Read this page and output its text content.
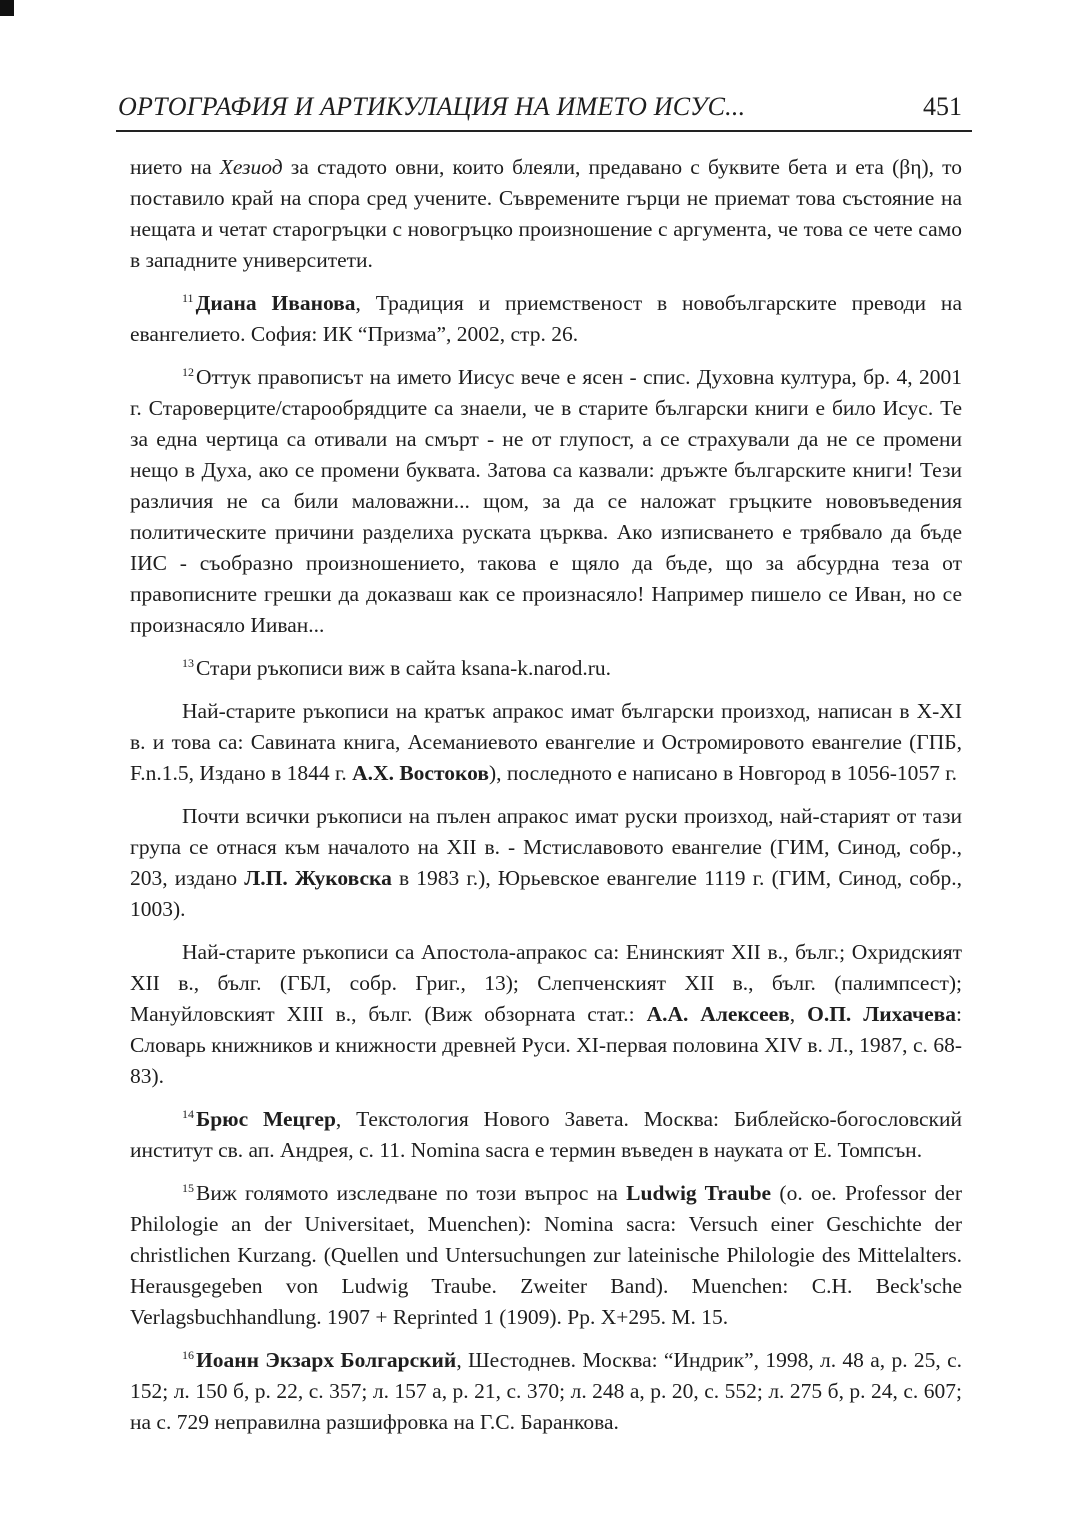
ОРТОГРАФИЯ И АРТИКУЛАЦИЯ НА ИМЕТО ИСУС...	451

нието на Хезиод за стадото овни, които блеяли, предавано с буквите бета и ета (βη), то поставило край на спора сред учените. Съвремените гърци не приемат това състояние на нещата и четат старогръцки с новогръцко произношение с аргумента, че това се чете само в западните университети.

$^{11}$Диана Иванова, Традиция и приемственост в новобългарските преводи на евангелието. София: ИК “Призма”, 2002, стр. 26.

$^{12}$Оттук правописът на името Иисус вече е ясен - спис. Духовна култура, бр. 4, 2001 г. Староверците/старообрядците са знаели, че в старите български книги е било Исус. Те за една чертица са отивали на смърт - не от глупост, а се страхували да не се промени нещо в Духа, ако се промени буквата. Затова са казвали: дръжте българските книги! Тези различия не са били маловажни... щом, за да се наложат гръцките нововъведения политическите причини разделиха руската църква. Ако изписването е трябвало да бъде ІИС - съобразно произношението, такова е щяло да бъде, що за абсурдна теза от правописните грешки да доказваш как се произнасяло! Например пишело се Иван, но се произнасяло Ииван...

$^{13}$Стари ръкописи виж в сайта ksana-k.narod.ru.

Най-старите ръкописи на кратък апракос имат български произход, написан в Х-ХІ в. и това са: Савината книга, Асеманиевото евангелие и Остромировото евангелие (ГПБ, F.n.1.5, Издано в 1844 г. А.Х. Востоков), последното е написано в Новгород в 1056-1057 г.

Почти всички ръкописи на пълен апракос имат руски произход, най-старият от тази група се отнася към началото на XII в. - Мстиславовото евангелие (ГИМ, Синод, собр., 203, издано Л.П. Жуковска в 1983 г.), Юрьевское евангелие 1119 г. (ГИМ, Синод, собр., 1003).

Най-старите ръкописи са Апостола-апракос са: Енинският XII в., бълг.; Охридският XII в., бълг. (ГБЛ, собр. Григ., 13); Слепченският XII в., бълг. (палимпсест); Мануйловският XIII в., бълг. (Виж обзорната стат.: А.А. Алексеев, О.П. Лихачева: Словарь книжников и книжности древней Руси. XI-первая половина XIV в. Л., 1987, с. 68-83).

$^{14}$Брюс Мецгер, Текстология Нового Завета. Москва: Библейско-богословский институт св. ап. Андрея, с. 11. Nomina sacra е термин въведен в науката от Е. Томпсън.

$^{15}$Виж голямото изследване по този въпрос на Ludwig Traube (o. oe. Professor der Philologie an der Universitaet, Muenchen): Nomina sacra: Versuch einer Geschichte der christlichen Kurzang. (Quellen und Untersuchungen zur lateinische Philologie des Mittelalters. Herausgegeben von Ludwig Traube. Zweiter Band). Muenchen: C.H. Beck'sche Verlagsbuchhandlung. 1907 + Reprinted 1 (1909). Pp. X+295. M. 15.

$^{16}$Иоанн Экзарх Болгарский, Шестоднев. Москва: “Индрик”, 1998, л. 48 а, р. 25, с. 152; л. 150 б, р. 22, с. 357; л. 157 а, р. 21, с. 370; л. 248 а, р. 20, с. 552; л. 275 б, р. 24, с. 607; на с. 729 неправилна разшифровка на Г.С. Баранкова.
